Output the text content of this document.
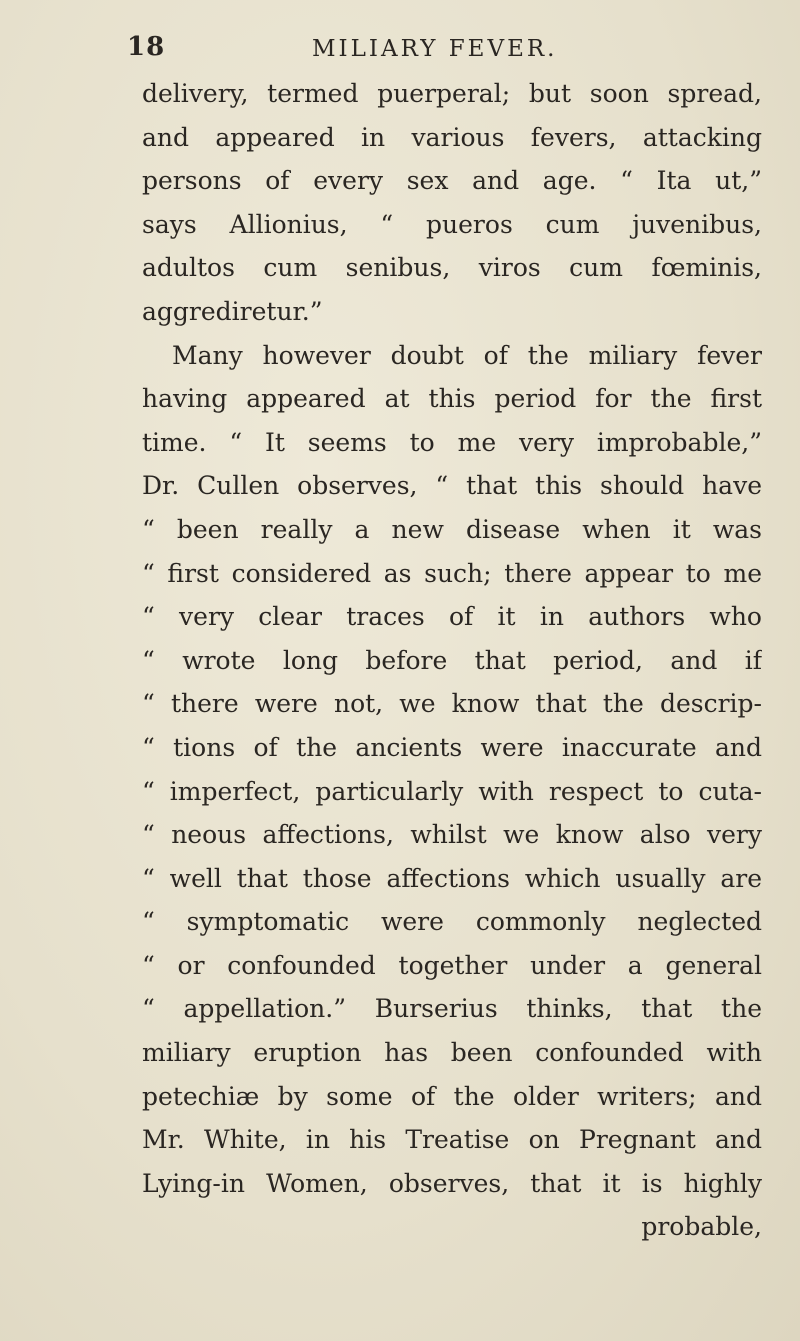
18	MILIARY FEVER.
delivery, termed puerperal; but soon spread,
and appeared in various fevers, attacking
persons of every sex and age. “ Ita ut,”
says Allionius, “ pueros cum juvenibus,
adultos cum senibus, viros cum fœminis,
aggrediretur.”
Many however doubt of the miliary fever
having appeared at this period for the first
time. “ It seems to me very improbable,”
Dr. Cullen observes, “ that this should have
“ been really a new disease when it was
“ first considered as such; there appear to me
“ very clear traces of it in authors who
“ wrote long before that period, and if
“ there were not, we know that the descrip-
“ tions of the ancients were inaccurate and
“ imperfect, particularly with respect to cuta-
“ neous affections, whilst we know also very
“ well that those affections which usually are
“ symptomatic were commonly neglected
“ or confounded together under a general
“ appellation.” Burserius thinks, that the
miliary eruption has been confounded with
petechiæ by some of the older writers; and
Mr. White, in his Treatise on Pregnant and
Lying-in Women, observes, that it is highly
probable,
